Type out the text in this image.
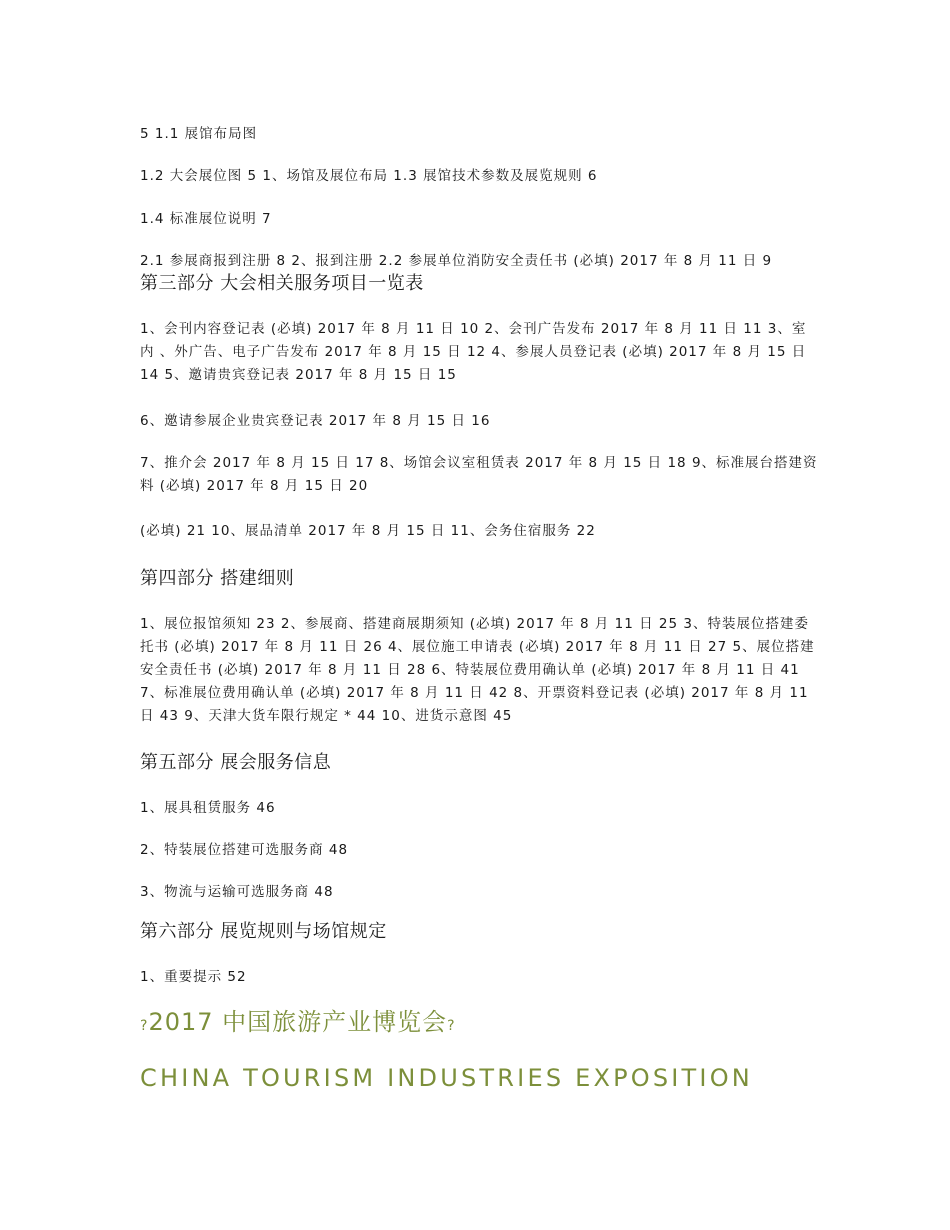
5 1.1 展馆布局图
1.2 大会展位图 5 1、场馆及展位布局 1.3 展馆技术参数及展览规则 6
1.4 标准展位说明 7
2.1 参展商报到注册 8 2、报到注册 2.2 参展单位消防安全责任书 (必填) 2017 年 8 月 11 日 9
第三部分 大会相关服务项目一览表
1、会刊内容登记表 (必填) 2017 年 8 月 11 日 10 2、会刊广告发布 2017 年 8 月 11 日 11 3、室内 、外广告、电子广告发布 2017 年 8 月 15 日 12 4、参展人员登记表 (必填) 2017 年 8 月 15 日 14 5、邀请贵宾登记表 2017 年 8 月 15 日 15
6、邀请参展企业贵宾登记表 2017 年 8 月 15 日 16
7、推介会 2017 年 8 月 15 日 17 8、场馆会议室租赁表 2017 年 8 月 15 日 18 9、标准展台搭建资料 (必填) 2017 年 8 月 15 日 20
(必填) 21 10、展品清单 2017 年 8 月 15 日 11、会务住宿服务 22
第四部分 搭建细则
1、展位报馆须知 23 2、参展商、搭建商展期须知 (必填) 2017 年 8 月 11 日 25 3、特装展位搭建委托书 (必填) 2017 年 8 月 11 日 26 4、展位施工申请表 (必填) 2017 年 8 月 11 日 27 5、展位搭建安全责任书 (必填) 2017 年 8 月 11 日 28 6、特装展位费用确认单 (必填) 2017 年 8 月 11 日 41 7、标准展位费用确认单 (必填) 2017 年 8 月 11 日 42 8、开票资料登记表 (必填) 2017 年 8 月 11 日 43 9、天津大货车限行规定 * 44 10、进货示意图 45
第五部分 展会服务信息
1、展具租赁服务 46
2、特装展位搭建可选服务商 48
3、物流与运输可选服务商 48
第六部分 展览规则与场馆规定
1、重要提示 52
?2017 中国旅游产业博览会?
CHINA TOURISM INDUSTRIES EXPOSITION
